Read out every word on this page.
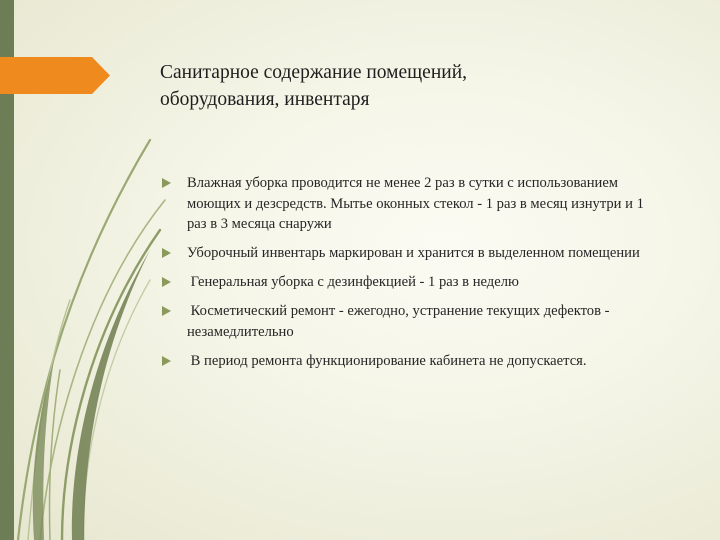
Санитарное содержание помещений,
оборудования, инвентаря
Влажная уборка проводится не менее 2 раз в сутки с использованием моющих и дезсредств. Мытье оконных стекол - 1 раз в месяц изнутри и 1 раз в 3 месяца снаружи
Уборочный инвентарь маркирован и хранится в выделенном помещении
Генеральная уборка с дезинфекцией - 1 раз в неделю
Косметический ремонт - ежегодно, устранение текущих дефектов - незамедлительно
В период ремонта функционирование кабинета не допускается.
